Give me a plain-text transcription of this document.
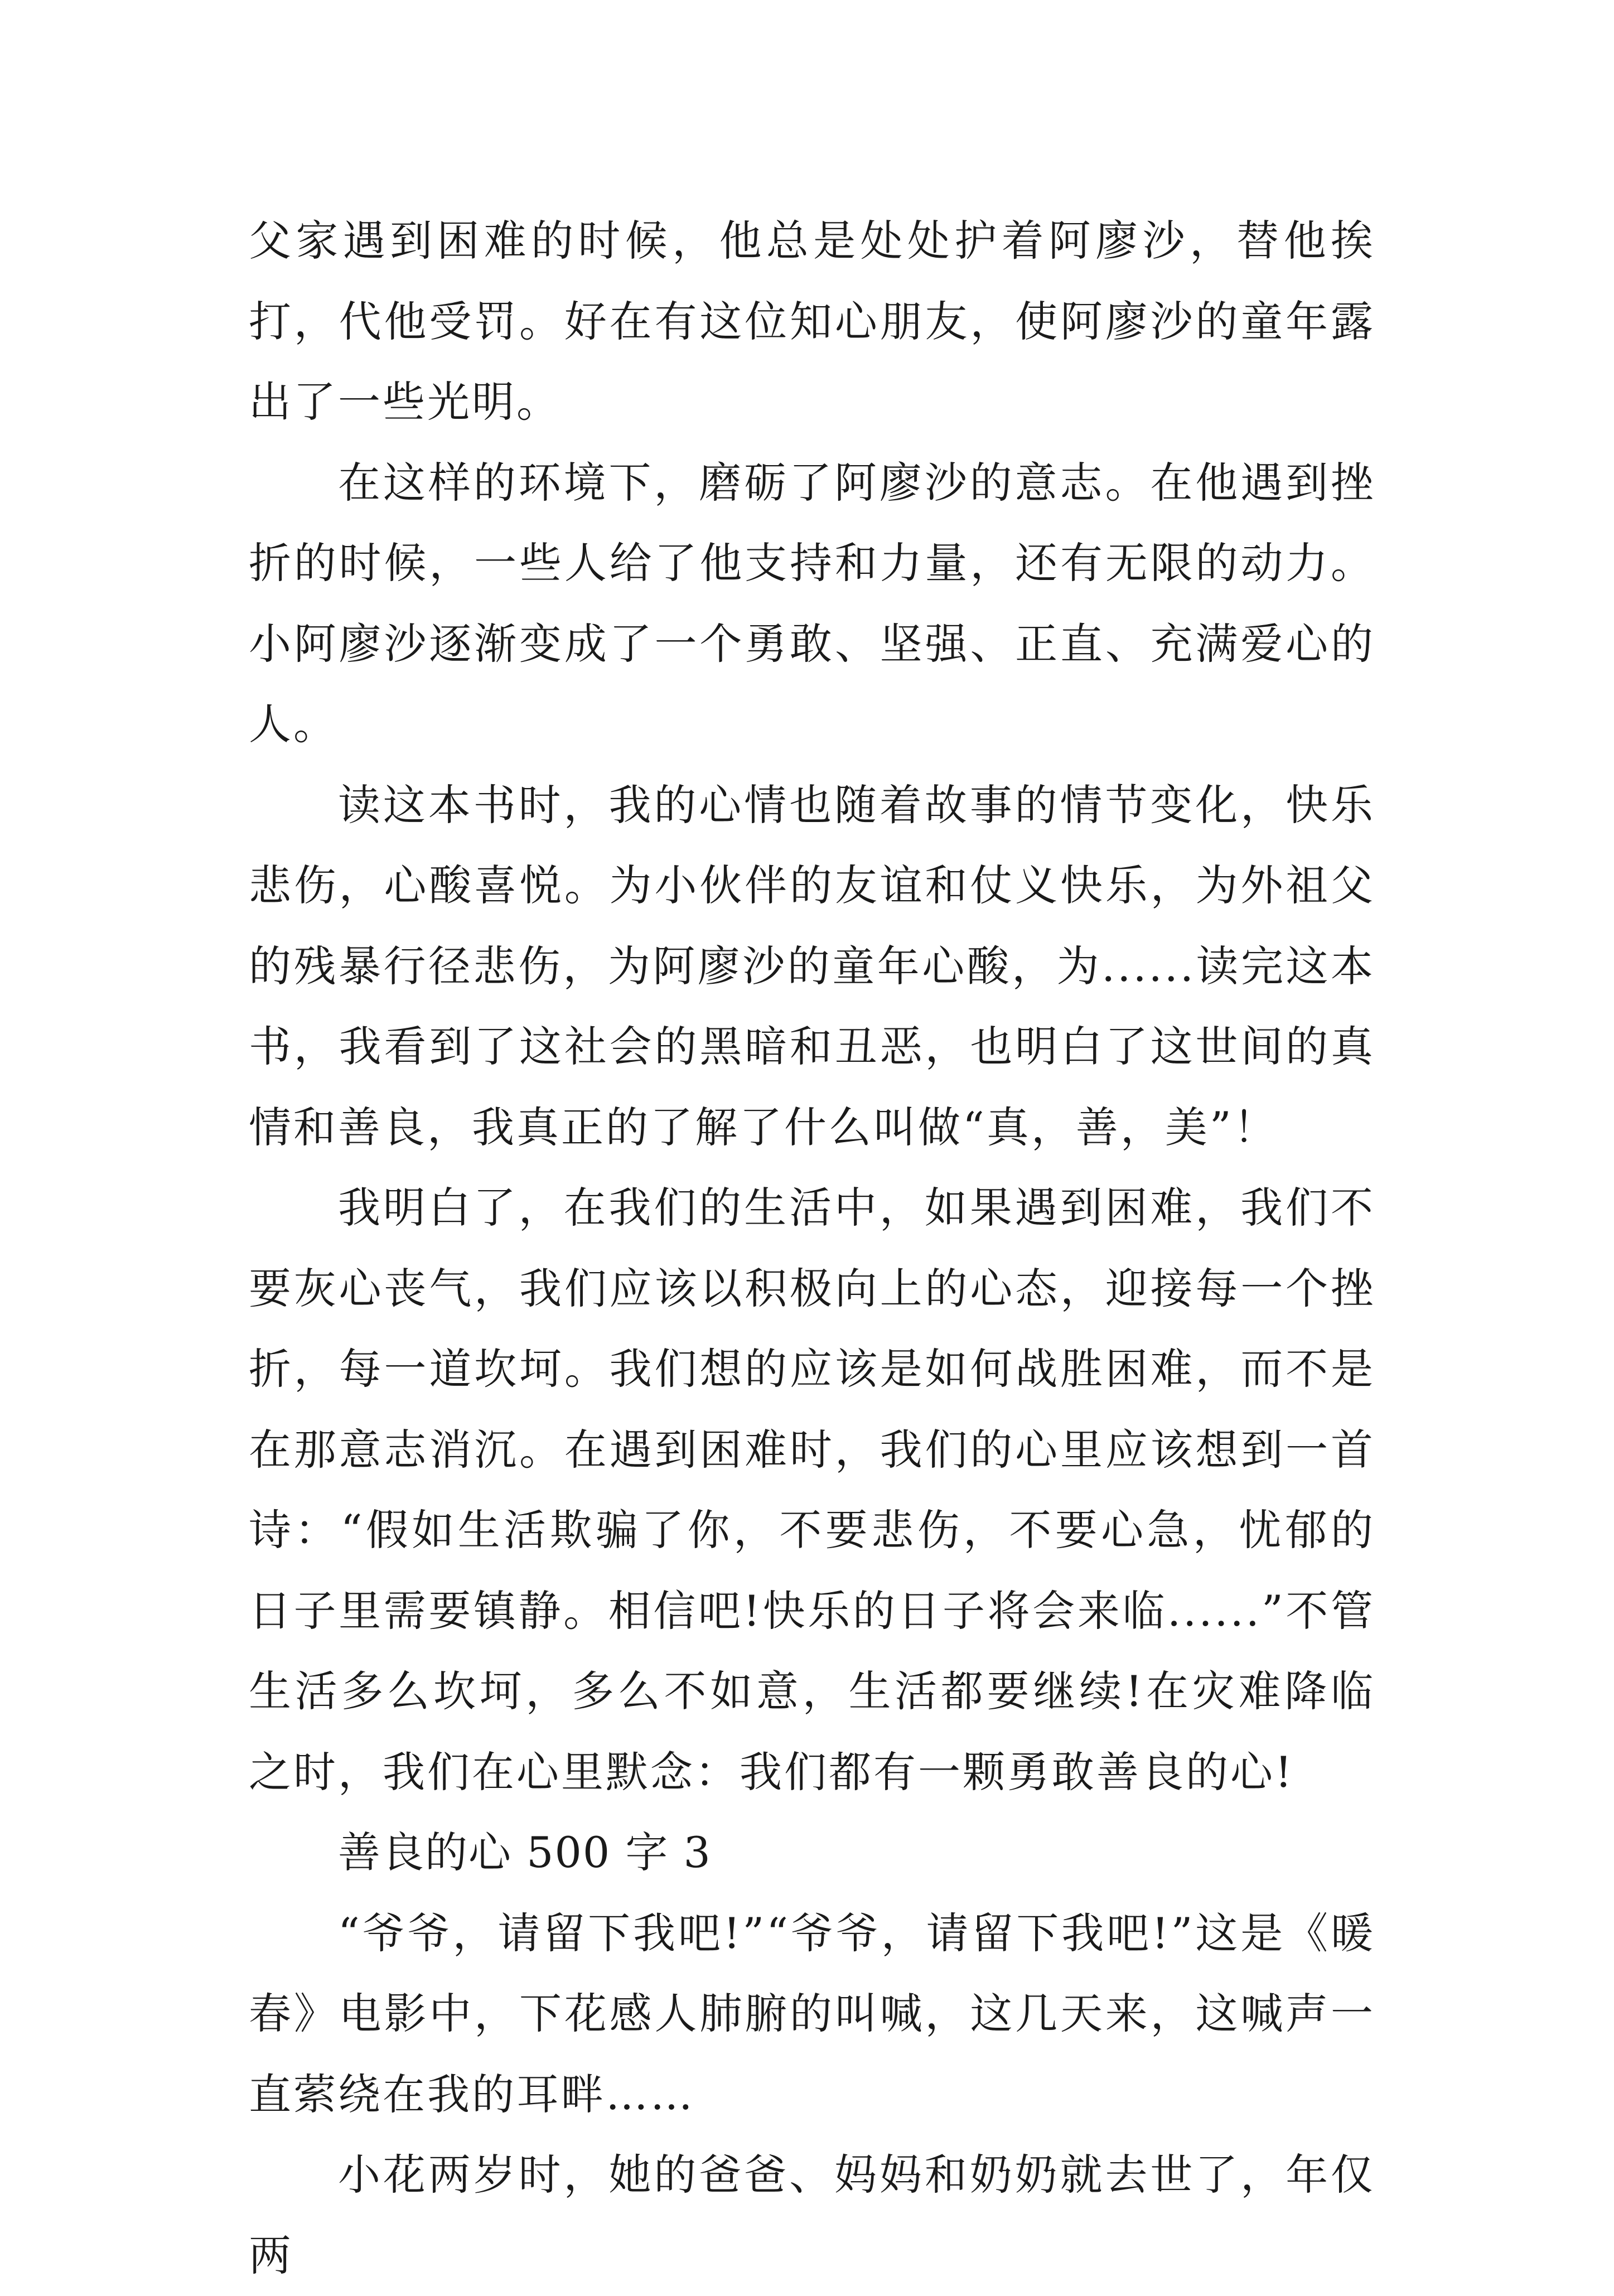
父家遇到困难的时候，他总是处处护着阿廖沙，替他挨打，代他受罚。好在有这位知心朋友，使阿廖沙的童年露出了一些光明。

在这样的环境下，磨砺了阿廖沙的意志。在他遇到挫折的时候，一些人给了他支持和力量，还有无限的动力。小阿廖沙逐渐变成了一个勇敢、坚强、正直、充满爱心的人。

读这本书时，我的心情也随着故事的情节变化，快乐悲伤，心酸喜悦。为小伙伴的友谊和仗义快乐，为外祖父的残暴行径悲伤，为阿廖沙的童年心酸，为......读完这本书，我看到了这社会的黑暗和丑恶，也明白了这世间的真情和善良，我真正的了解了什么叫做“真，善，美”！

我明白了，在我们的生活中，如果遇到困难，我们不要灰心丧气，我们应该以积极向上的心态，迎接每一个挫折，每一道坎坷。我们想的应该是如何战胜困难，而不是在那意志消沉。在遇到困难时，我们的心里应该想到一首诗：“假如生活欺骗了你，不要悲伤，不要心急，忧郁的日子里需要镇静。相信吧!快乐的日子将会来临......”不管生活多么坎坷，多么不如意，生活都要继续!在灾难降临之时，我们在心里默念：我们都有一颗勇敢善良的心!

善良的心 500 字 3

“爷爷，请留下我吧!”“爷爷，请留下我吧!”这是《暖春》电影中，下花感人肺腑的叫喊，这几天来，这喊声一直萦绕在我的耳畔……

小花两岁时，她的爸爸、妈妈和奶奶就去世了，年仅两
